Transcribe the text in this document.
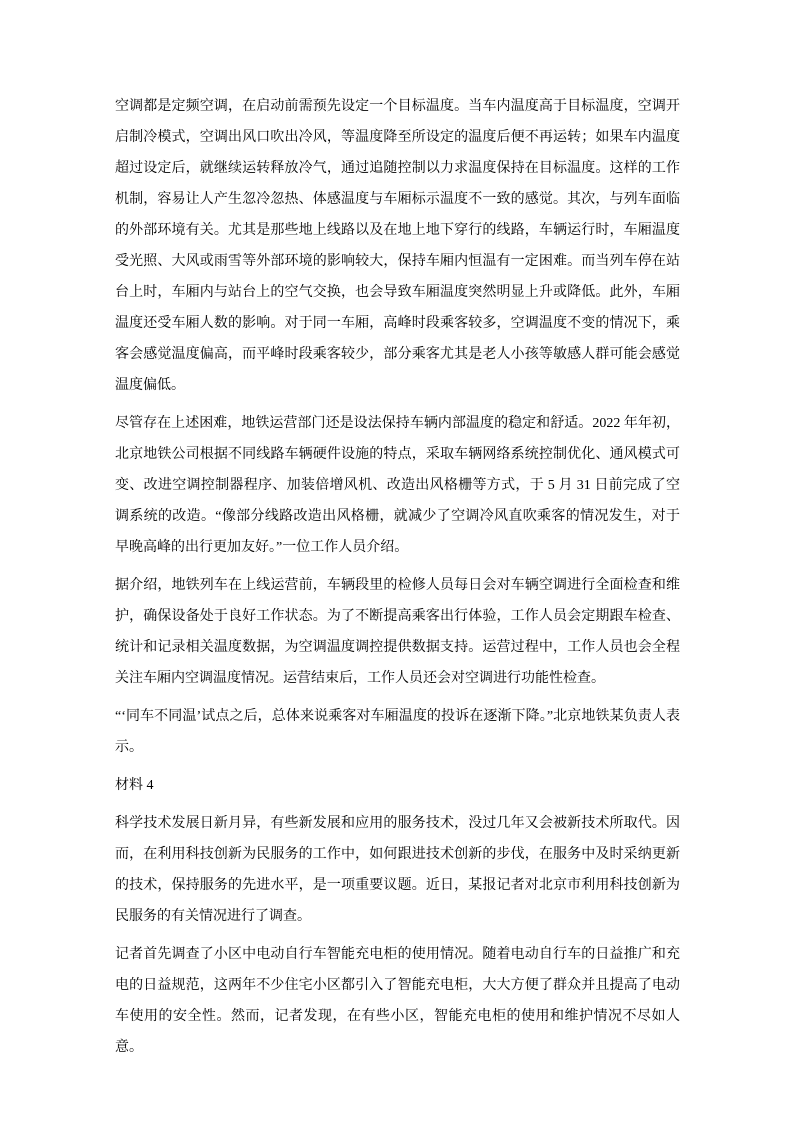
空调都是定频空调，在启动前需预先设定一个目标温度。当车内温度高于目标温度，空调开启制冷模式，空调出风口吹出冷风，等温度降至所设定的温度后便不再运转；如果车内温度超过设定后，就继续运转释放冷气，通过追随控制以力求温度保持在目标温度。这样的工作机制，容易让人产生忽冷忽热、体感温度与车厢标示温度不一致的感觉。其次，与列车面临的外部环境有关。尤其是那些地上线路以及在地上地下穿行的线路，车辆运行时，车厢温度受光照、大风或雨雪等外部环境的影响较大，保持车厢内恒温有一定困难。而当列车停在站台上时，车厢内与站台上的空气交换，也会导致车厢温度突然明显上升或降低。此外，车厢温度还受车厢人数的影响。对于同一车厢，高峰时段乘客较多，空调温度不变的情况下，乘客会感觉温度偏高，而平峰时段乘客较少，部分乘客尤其是老人小孩等敏感人群可能会感觉温度偏低。

尽管存在上述困难，地铁运营部门还是设法保持车辆内部温度的稳定和舒适。2022 年年初，北京地铁公司根据不同线路车辆硬件设施的特点，采取车辆网络系统控制优化、通风模式可变、改进空调控制器程序、加装倍增风机、改造出风格栅等方式，于 5 月 31 日前完成了空调系统的改造。“像部分线路改造出风格栅，就减少了空调冷风直吹乘客的情况发生，对于早晚高峰的出行更加友好。”一位工作人员介绍。

据介绍，地铁列车在上线运营前，车辆段里的检修人员每日会对车辆空调进行全面检查和维护，确保设备处于良好工作状态。为了不断提高乘客出行体验，工作人员会定期跟车检查、统计和记录相关温度数据，为空调温度调控提供数据支持。运营过程中，工作人员也会全程关注车厢内空调温度情况。运营结束后，工作人员还会对空调进行功能性检查。

“‘同车不同温’试点之后，总体来说乘客对车厢温度的投诉在逐渐下降。”北京地铁某负责人表示。

材料 4

科学技术发展日新月异，有些新发展和应用的服务技术，没过几年又会被新技术所取代。因而，在利用科技创新为民服务的工作中，如何跟进技术创新的步伐，在服务中及时采纳更新的技术，保持服务的先进水平，是一项重要议题。近日，某报记者对北京市利用科技创新为民服务的有关情况进行了调查。

记者首先调查了小区中电动自行车智能充电柜的使用情况。随着电动自行车的日益推广和充电的日益规范，这两年不少住宅小区都引入了智能充电柜，大大方便了群众并且提高了电动车使用的安全性。然而，记者发现，在有些小区，智能充电柜的使用和维护情况不尽如人意。
